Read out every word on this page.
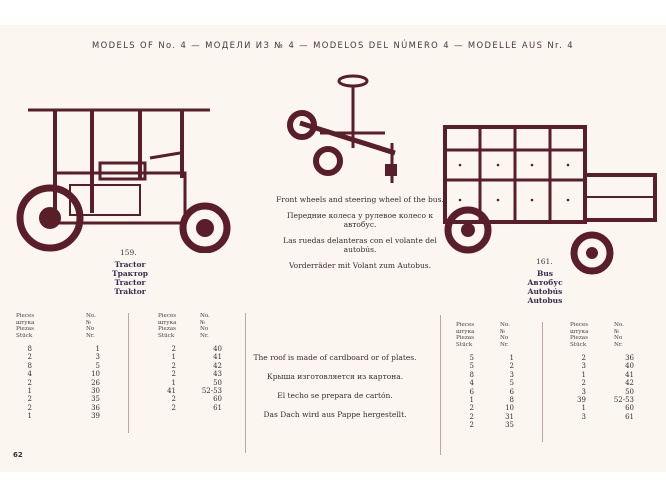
MODELS OF No. 4 — МОДЕЛИ ИЗ № 4 — MODELOS DEL NÚMERO 4 — MODELLE AUS Nr. 4
159.
Tractor
Трактор
Tractor
Traktor

Front wheels and steering wheel of the bus.

Передние колеса у рулевое колесо к автобус.

Las ruedas delanteras con el volante del autobús.

Vorderräder mit Volant zum Autobus.	161.
Bus
Автобус
Autobús
Autobus
Pieces
штука
Piezas
Stück
No.
№
No
Nr.
8
2
8
4
2
1
2
2
1
1
3
5
10
26
30
35
36
39
Pieces
штука
Piezas
Stück
No.
№
No
Nr.
2
1
2
2
1
41
2
2
40
41
42
43
50
52-53
60
61

The roof is made of cardboard or of plates.

Крыша изготовляется из картона.

El techo se prepara de cartón.

Das Dach wird aus Pappe hergestellt.

Pieces
штука
Piezas
Stück
No.
№
No
Nr.
5
5
8
4
6
1
2
2
2
1
2
3
5
6
8
10
31
35
Pieces
штука
Piezas
Stück
No.
№
No
Nr.
2
3
1
2
3
39
1
3
36
40
41
42
50
52-53
60
61
62
